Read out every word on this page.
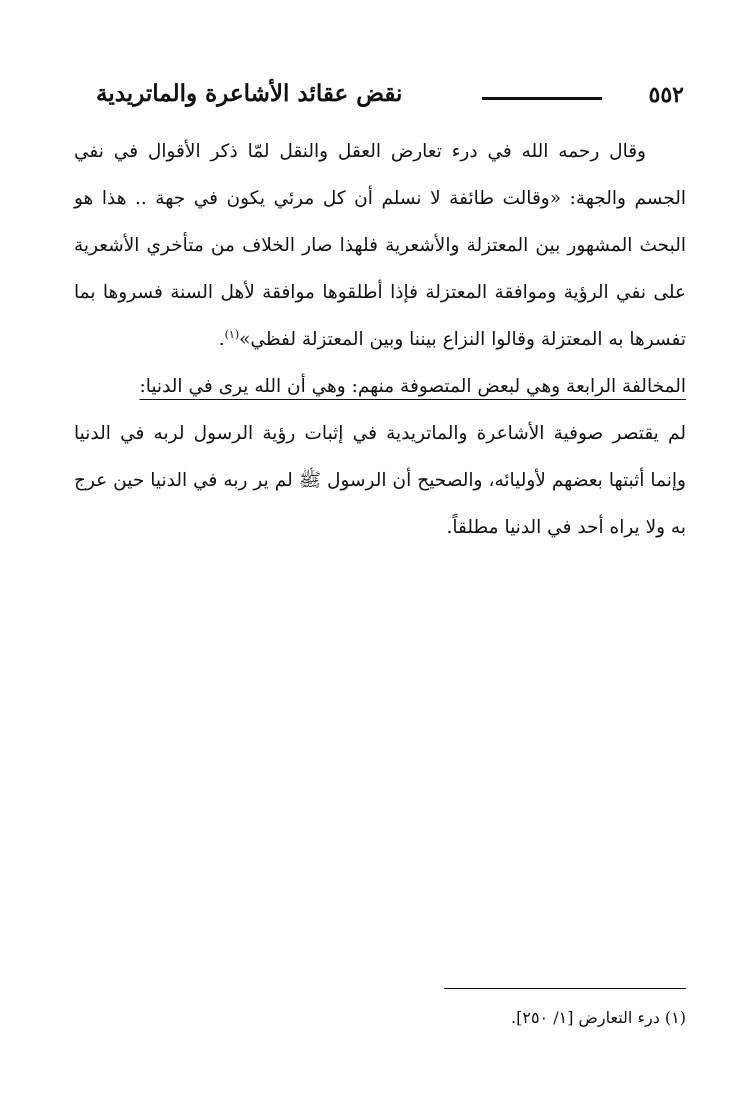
٥٥٢
نقض عقائد الأشاعرة والماتريدية

وقال رحمه الله في درء تعارض العقل والنقل لمّا ذكر الأقوال في نفي الجسم والجهة: «وقالت طائفة لا نسلم أن كل مرئي يكون في جهة .. هذا هو البحث المشهور بين المعتزلة والأشعرية فلهذا صار الخلاف من متأخري الأشعرية على نفي الرؤية وموافقة المعتزلة فإذا أطلقوها موافقة لأهل السنة فسروها بما تفسرها به المعتزلة وقالوا النزاع بيننا وبين المعتزلة لفظي»$^{(١)}$.

المخالفة الرابعة وهي لبعض المتصوفة منهم: وهي أن الله يرى في الدنيا:

لم يقتصر صوفية الأشاعرة والماتريدية في إثبات رؤية الرسول لربه في الدنيا وإنما أثبتها بعضهم لأوليائه، والصحيح أن الرسول ﷺ لم ير ربه في الدنيا حين عرج به ولا يراه أحد في الدنيا مطلقاً.

(١) درء التعارض [١/ ٢٥٠].
